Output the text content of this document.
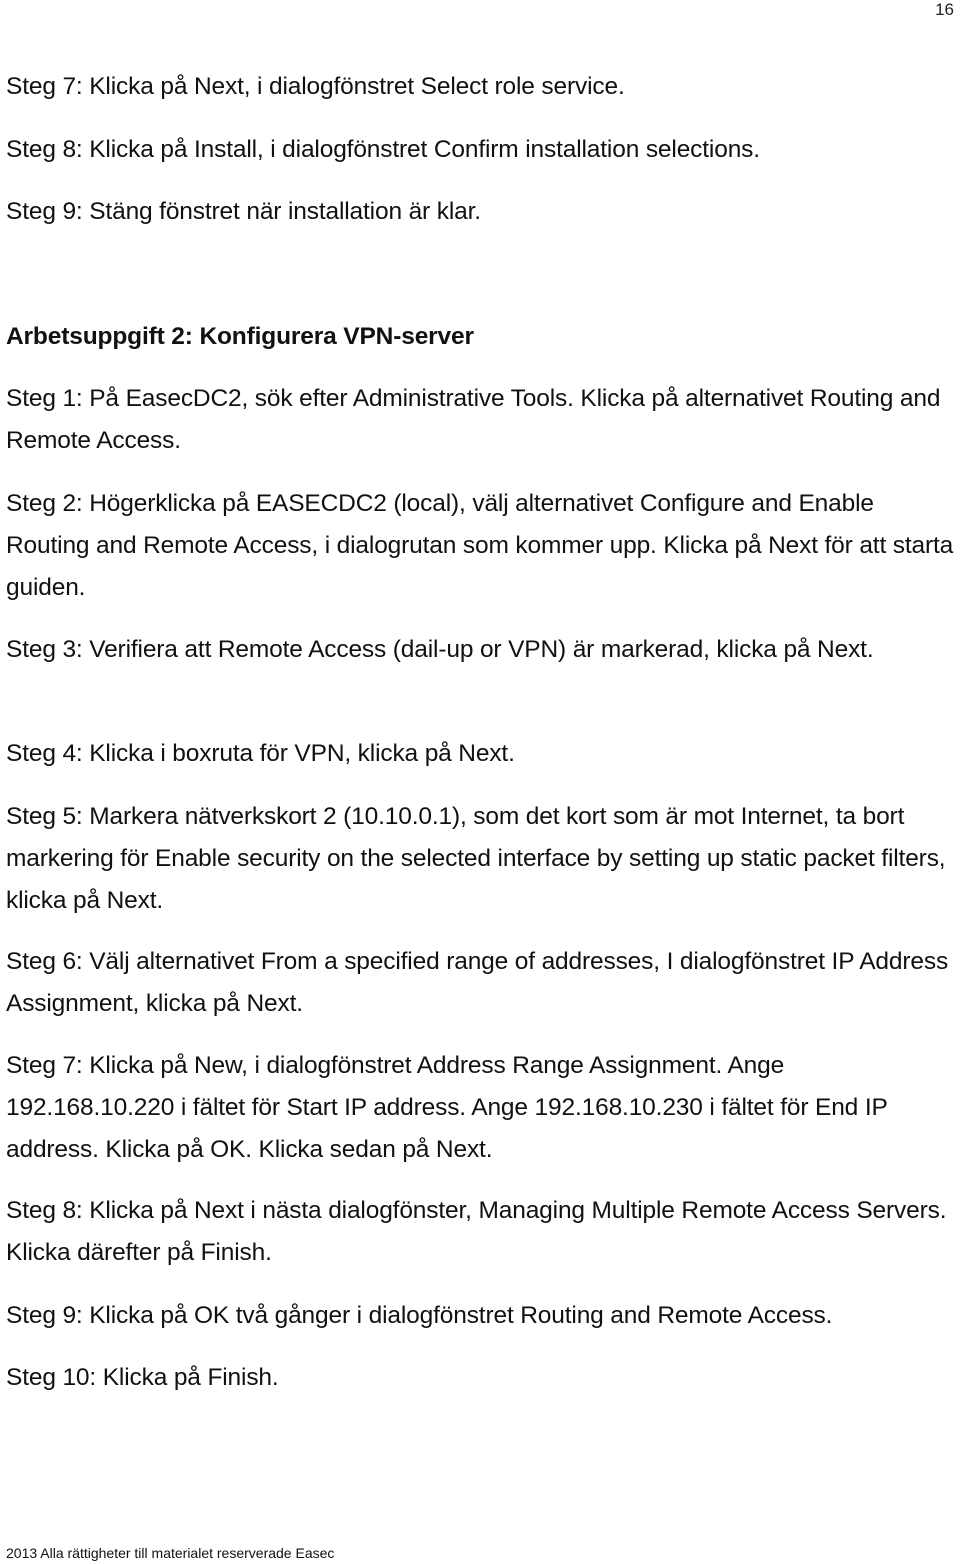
16

Steg 7: Klicka på Next, i dialogfönstret Select role service.

Steg 8: Klicka på Install, i dialogfönstret Confirm installation selections.

Steg 9: Stäng fönstret när installation är klar.

Arbetsuppgift 2: Konfigurera VPN-server

Steg 1: På EasecDC2, sök efter Administrative Tools. Klicka på alternativet Routing and Remote Access.

Steg 2: Högerklicka på EASECDC2 (local), välj alternativet Configure and Enable Routing and Remote Access, i dialogrutan som kommer upp. Klicka på Next för att starta guiden.

Steg 3: Verifiera att Remote Access (dail-up or VPN) är markerad, klicka på Next.

Steg 4: Klicka i boxruta för VPN, klicka på Next.

Steg 5: Markera nätverkskort 2 (10.10.0.1), som det kort som är mot Internet, ta bort markering för Enable security on the selected interface by setting up static packet filters, klicka på Next.

Steg 6: Välj alternativet From a specified range of addresses, I dialogfönstret IP Address Assignment, klicka på Next.

Steg 7: Klicka på New, i dialogfönstret Address Range Assignment. Ange 192.168.10.220 i fältet för Start IP address. Ange 192.168.10.230 i fältet för End IP address. Klicka på OK. Klicka sedan på Next.

Steg 8: Klicka på Next i nästa dialogfönster, Managing Multiple Remote Access Servers. Klicka därefter på Finish.

Steg 9: Klicka på OK två gånger i dialogfönstret Routing and Remote Access.

Steg 10: Klicka på Finish.

2013 Alla rättigheter till materialet reserverade Easec
